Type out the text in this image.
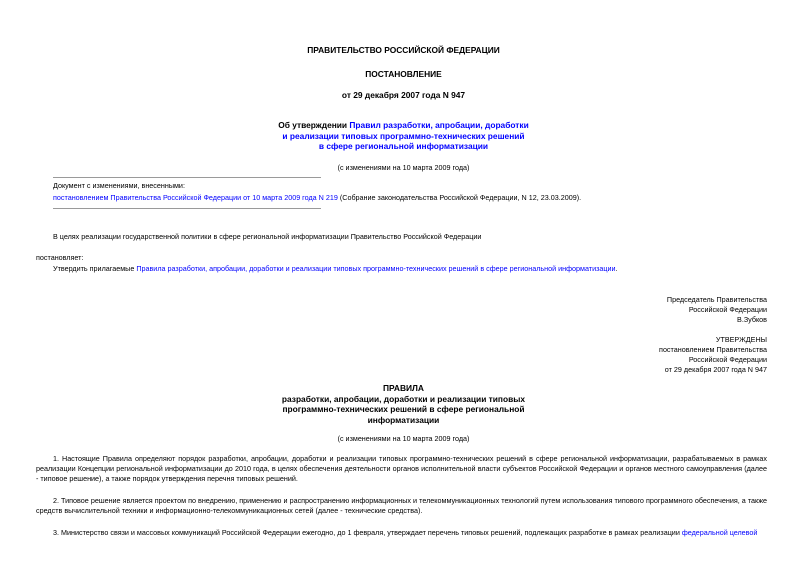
ПРАВИТЕЛЬСТВО РОССИЙСКОЙ ФЕДЕРАЦИИ
ПОСТАНОВЛЕНИЕ
от 29 декабря 2007 года N 947
Об утверждении Правил разработки, апробации, доработки
и реализации типовых программно-технических решений
в сфере региональной информатизации
(с изменениями на 10 марта 2009 года)
Документ с изменениями, внесенными:
постановлением Правительства Российской Федерации от 10 марта 2009 года N 219 (Собрание законодательства Российской Федерации, N 12, 23.03.2009).
В целях реализации государственной политики в сфере региональной информатизации Правительство Российской Федерации
постановляет:
Утвердить прилагаемые Правила разработки, апробации, доработки и реализации типовых программно-технических решений в сфере региональной информатизации.
Председатель Правительства
Российской Федерации
В.Зубков
УТВЕРЖДЕНЫ
постановлением Правительства
Российской Федерации
от 29 декабря 2007 года N 947
ПРАВИЛА
разработки, апробации, доработки и реализации типовых
программно-технических решений в сфере региональной
информатизации
(с изменениями на 10 марта 2009 года)
1. Настоящие Правила определяют порядок разработки, апробации, доработки и реализации типовых программно-технических решений в сфере региональной информатизации, разрабатываемых в рамках реализации Концепции региональной информатизации до 2010 года, в целях обеспечения деятельности органов исполнительной власти субъектов Российской Федерации и органов местного самоуправления (далее - типовое решение), а также порядок утверждения перечня типовых решений.
2. Типовое решение является проектом по внедрению, применению и распространению информационных и телекоммуникационных технологий путем использования типового программного обеспечения, а также средств вычислительной техники и информационно-телекоммуникационных сетей (далее - технические средства).
3. Министерство связи и массовых коммуникаций Российской Федерации ежегодно, до 1 февраля, утверждает перечень типовых решений, подлежащих разработке в рамках реализации федеральной целевой
